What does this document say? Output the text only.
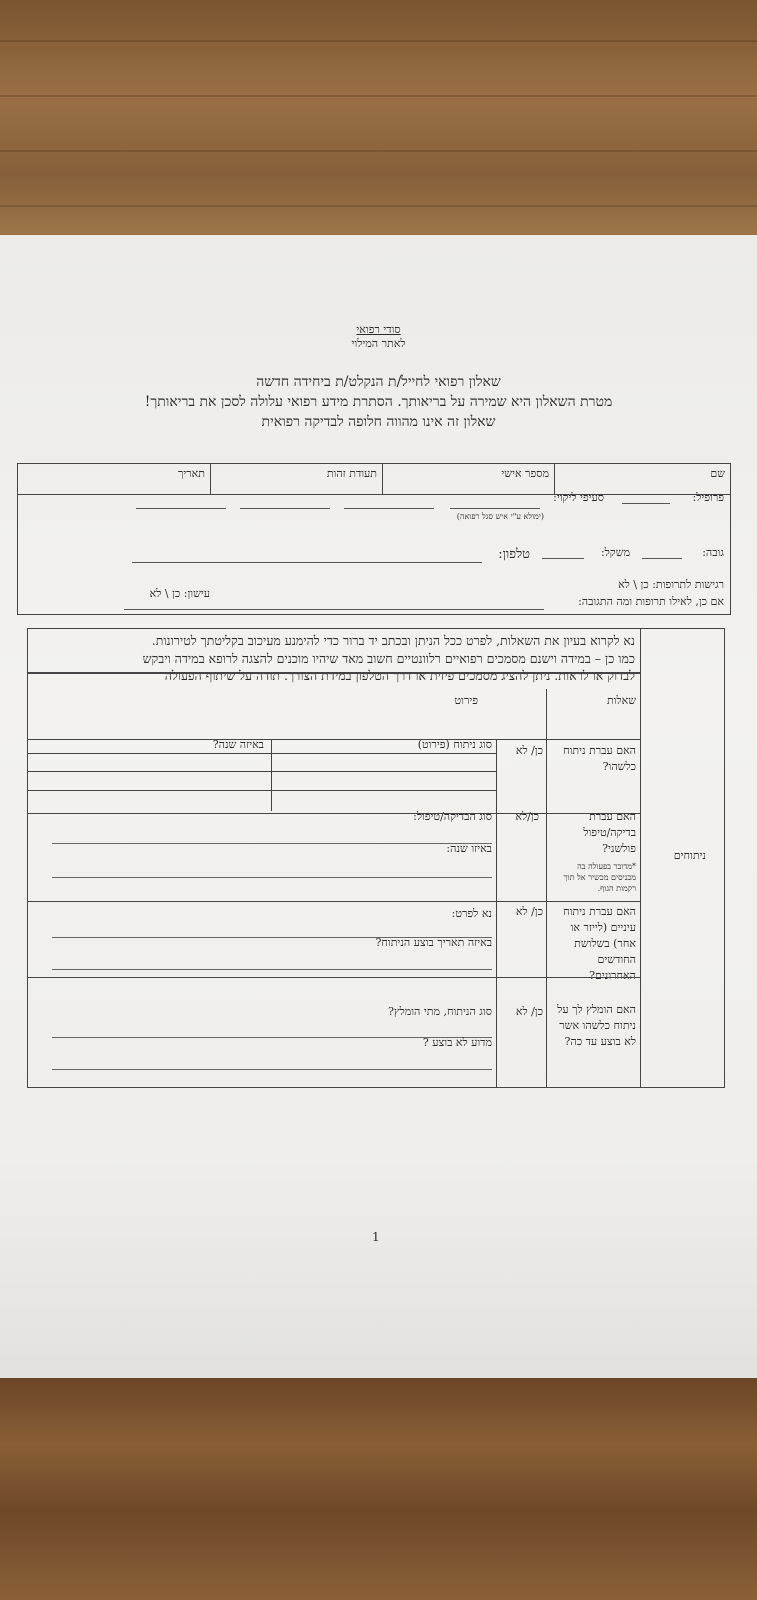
סודי רפואי
לאתר המילוי
שאלון רפואי לחייל/ת הנקלט/ת ביחידה חדשה
מטרת השאלון היא שמירה על בריאותך. הסתרת מידע רפואי עלולה לסכן את בריאותך!
שאלון זה אינו מהווה חלופה לבדיקה רפואית
שם
מספר אישי
תעודת זהות
תאריך
פרופיל:
סעיפי ליקוי:
(ימולא ע"י איש סגל רפואה)
גובה:
משקל:
טלפון:
רגישות לתרופות: כן \ לא
עישון: כן \ לא
אם כן, לאילו תרופות ומה התגובה:
ניתוחים
נא לקרוא בעיון את השאלות, לפרט ככל הניתן ובכתב יד ברור כדי להימנע מעיכוב בקליטתך לטירונות.
כמו כן – במידה וישנם מסמכים רפואיים רלוונטיים חשוב מאד שיהיו מוכנים להצגה לרופא במידה ויבקש
לבדוק או לראות. ניתן להציג מסמכים פיזית או דרך הטלפון במידת הצורך. תודה על שיתוף הפעולה
שאלות
פירוט
האם עברת ניתוח כלשהו?
כן/ לא
סוג ניתוח (פירוט)
באיזה שנה?
האם עברת בדיקה/טיפול פולשני?
*מדובר בפעולה בה מכניסים מכשיר אל תוך רקמות הגוף.
כן/לא
סוג הבדיקה/טיפול:
באיזו שנה:
האם עברת ניתוח עיניים (לייזר או אחר) בשלושת החודשים האחרונים?
כן/ לא
נא לפרט:
באיזה תאריך בוצע הניתוח?
האם הומלץ לך על ניתוח כלשהו אשר לא בוצע עד כה?
כן/ לא
סוג הניתוח, מתי הומלץ?
מדוע לא בוצע ?
1
